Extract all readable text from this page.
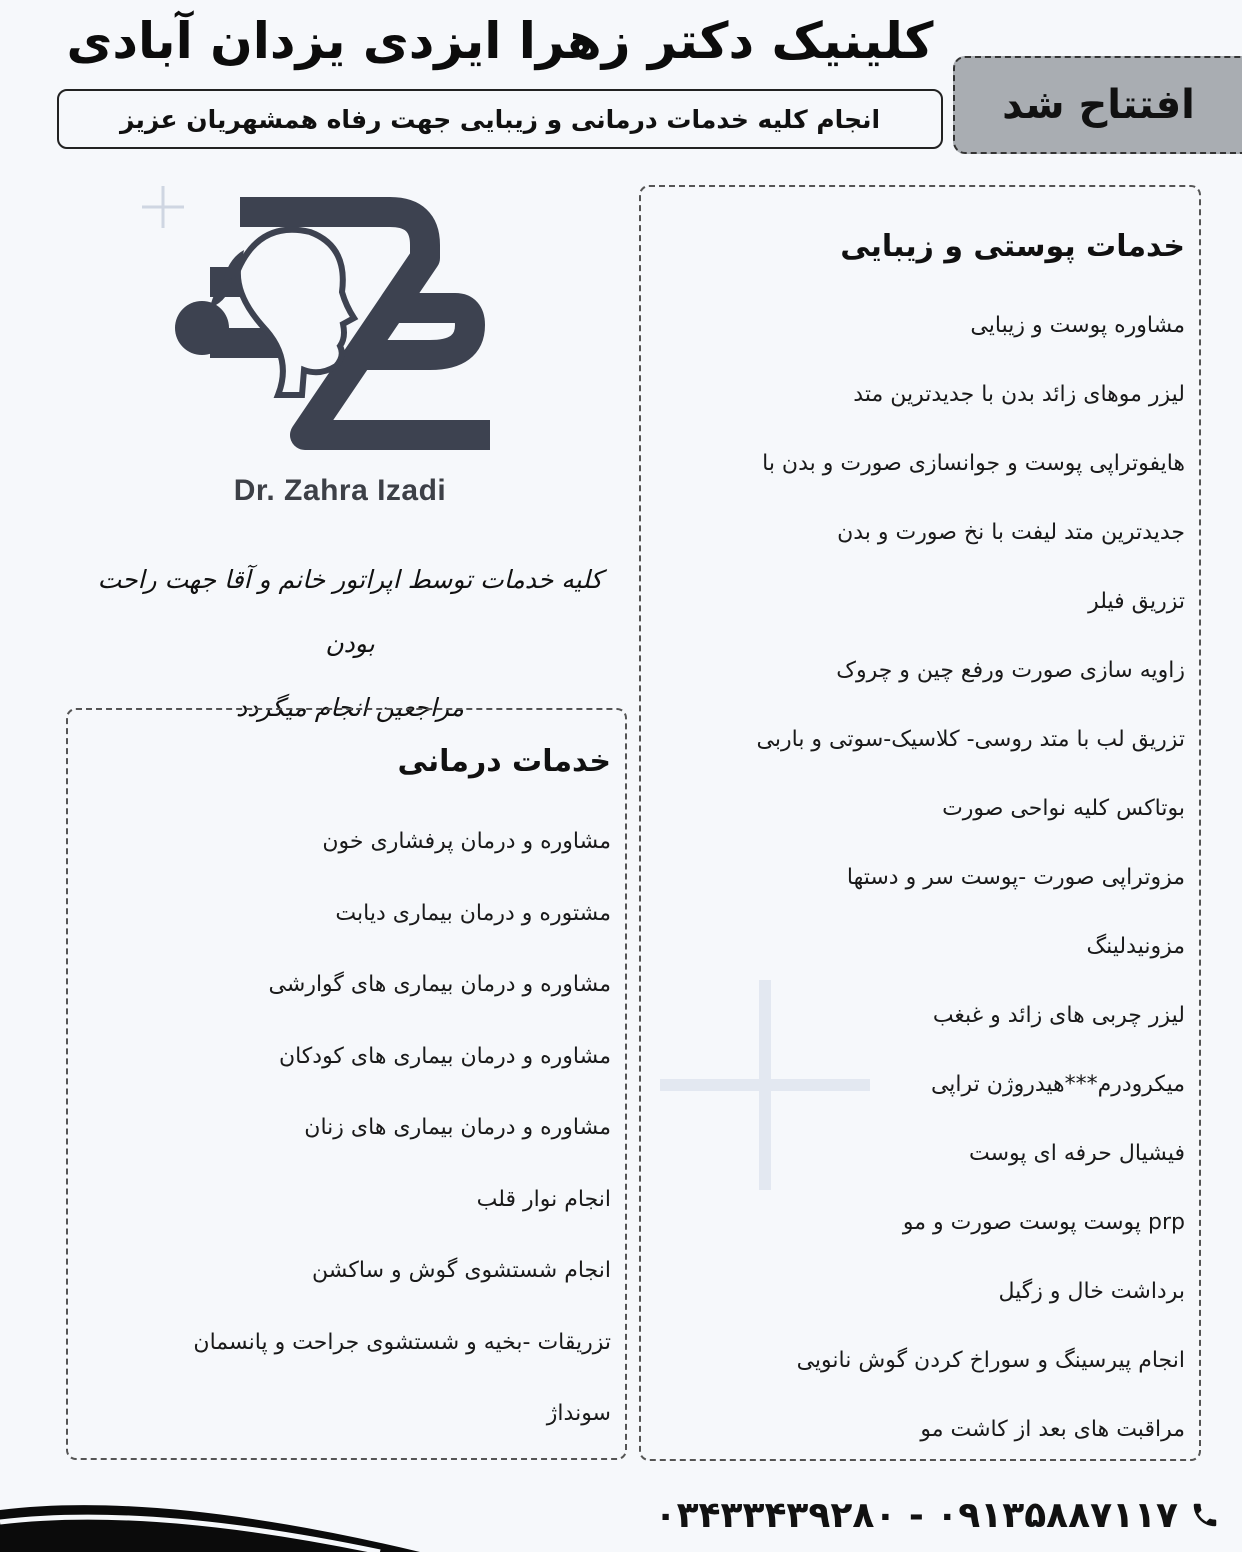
کلینیک دکتر زهرا ایزدی یزدان آبادی
انجام کلیه خدمات درمانی و زیبایی جهت رفاه همشهریان عزیز	افتتاح شد
Dr. Zahra Izadi
کلیه خدمات توسط اپراتور خانم و آقا جهت راحت بودن
مراجعین انجام میگردد
خدمات پوستی و زیبایی
مشاوره پوست و زیبایی
لیزر موهای زائد بدن با جدیدترین متد
هایفوتراپی پوست و جوانسازی صورت و بدن با
جدیدترین متد لیفت با نخ صورت و بدن
تزریق فیلر
زاویه سازی صورت ورفع چین و چروک
تزریق لب با متد روسی- کلاسیک-سوتی و باربی
بوتاکس کلیه نواحی صورت
مزوتراپی صورت -پوست سر و دستها
مزونیدلینگ
لیزر چربی های زائد و غبغب
میکرودرم***هیدروژن تراپی
فیشیال حرفه ای پوست
prp پوست پوست صورت و مو
برداشت خال و زگیل
انجام پیرسینگ و سوراخ کردن گوش نانویی
مراقبت های بعد از کاشت مو
خدمات درمانی
مشاوره و درمان پرفشاری خون
مشتوره و درمان بیماری دیابت
مشاوره و درمان بیماری های گوارشی
مشاوره و درمان بیماری های کودکان
مشاوره و درمان بیماری های زنان
انجام نوار قلب
انجام شستشوی گوش و ساکشن
تزریقات -بخیه و شستشوی جراحت و پانسمان
سونداژ
۰۳۴۳۳۴۳۹۲۸۰ - ۰۹۱۳۵۸۸۷۱۱۷
